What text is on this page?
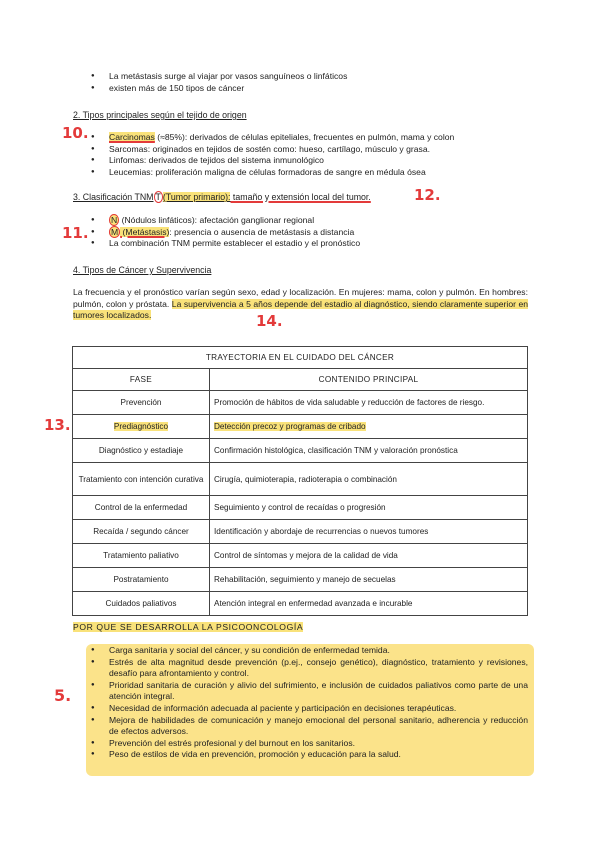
● La metástasis surge al viajar por vasos sanguíneos o linfáticos
● existen más de 150 tipos de cáncer
2. Tipos principales según el tejido de origen
10. ● Carcinomas (≈85%): derivados de células epiteliales, frecuentes en pulmón, mama y colon
● Sarcomas: originados en tejidos de sostén como: hueso, cartílago, músculo y grasa.
● Linfomas: derivados de tejidos del sistema inmunológico
● Leucemias: proliferación maligna de células formadoras de sangre en médula ósea
3. Clasificación TNM T (Tumor primario): tamaño y extensión local del tumor.	12.
11.
● N (Nódulos linfáticos): afectación ganglionar regional
● M (Metástasis): presencia o ausencia de metástasis a distancia
● La combinación TNM permite establecer el estadio y el pronóstico
4. Tipos de Cáncer y Supervivencia
La frecuencia y el pronóstico varían según sexo, edad y localización. En mujeres: mama, colon y pulmón. En hombres: pulmón, colon y próstata. La supervivencia a 5 años depende del estadio al diagnóstico, siendo claramente superior en tumores localizados.	14.
TRAYECTORIA EN EL CUIDADO DEL CÁNCER	
FASE	CONTENIDO PRINCIPAL
Prevención	Promoción de hábitos de vida saludable y reducción de factores de riesgo.
Prediagnóstico	Detección precoz y programas de cribado
Diagnóstico y estadiaje	Confirmación histológica, clasificación TNM y valoración pronóstica
Tratamiento con intención curativa	Cirugía, quimioterapia, radioterapia o combinación
Control de la enfermedad	Seguimiento y control de recaídas o progresión
Recaída / segundo cáncer	Identificación y abordaje de recurrencias o nuevos tumores
Tratamiento paliativo	Control de síntomas y mejora de la calidad de vida
Postratamiento	Rehabilitación, seguimiento y manejo de secuelas
Cuidados paliativos	Atención integral en enfermedad avanzada e incurable
13.
POR QUE SE DESARROLLA LA PSICOONCOLOGÍA
5.
● Carga sanitaria y social del cáncer, y su condición de enfermedad temida.
● Estrés de alta magnitud desde prevención (p.ej., consejo genético), diagnóstico, tratamiento y revisiones, desafío para afrontamiento y control.
● Prioridad sanitaria de curación y alivio del sufrimiento, e inclusión de cuidados paliativos como parte de una atención integral.
● Necesidad de información adecuada al paciente y participación en decisiones terapéuticas.
● Mejora de habilidades de comunicación y manejo emocional del personal sanitario, adherencia y reducción de efectos adversos.
● Prevención del estrés profesional y del burnout en los sanitarios.
● Peso de estilos de vida en prevención, promoción y educación para la salud.
